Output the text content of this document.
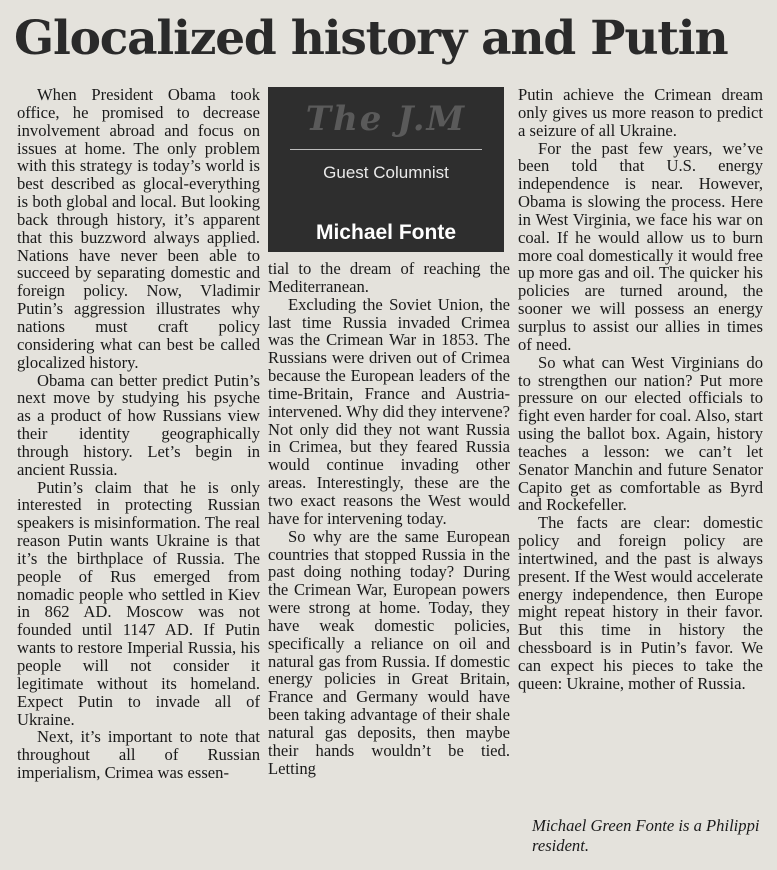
Glocalized history and Putin

When President Obama took office, he promised to decrease involvement abroad and focus on issues at home. The only problem with this strategy is today’s world is best described as glocal-everything is both global and local. But looking back through history, it’s apparent that this buzzword always applied. Nations have never been able to succeed by separating domestic and foreign policy. Now, Vladimir Putin’s aggression illustrates why nations must craft policy considering what can best be called glocalized history.

Obama can better predict Putin’s next move by studying his psyche as a product of how Russians view their identity geographically through history. Let’s begin in ancient Russia.

Putin’s claim that he is only interested in protecting Russian speakers is misinformation. The real reason Putin wants Ukraine is that it’s the birthplace of Russia. The people of Rus emerged from nomadic people who settled in Kiev in 862 AD. Moscow was not founded until 1147 AD. If Putin wants to restore Imperial Russia, his people will not consider it legitimate without its homeland. Expect Putin to invade all of Ukraine.

Next, it’s important to note that throughout all of Russian imperialism, Crimea was essen-

The J.M
Guest Columnist
Michael Fonte

tial to the dream of reaching the Mediterranean.

Excluding the Soviet Union, the last time Russia invaded Crimea was the Crimean War in 1853. The Russians were driven out of Crimea because the European leaders of the time-Britain, France and Austria-intervened. Why did they intervene? Not only did they not want Russia in Crimea, but they feared Russia would continue invading other areas. Interestingly, these are the two exact reasons the West would have for intervening today.

So why are the same European countries that stopped Russia in the past doing nothing today? During the Crimean War, European powers were strong at home. Today, they have weak domestic policies, specifically a reliance on oil and natural gas from Russia. If domestic energy policies in Great Britain, France and Germany would have been taking advantage of their shale natural gas deposits, then maybe their hands wouldn’t be tied. Letting

Putin achieve the Crimean dream only gives us more reason to predict a seizure of all Ukraine.

For the past few years, we’ve been told that U.S. energy independence is near. However, Obama is slowing the process. Here in West Virginia, we face his war on coal. If he would allow us to burn more coal domestically it would free up more gas and oil. The quicker his policies are turned around, the sooner we will possess an energy surplus to assist our allies in times of need.

So what can West Virginians do to strengthen our nation? Put more pressure on our elected officials to fight even harder for coal. Also, start using the ballot box. Again, history teaches a lesson: we can’t let Senator Manchin and future Senator Capito get as comfortable as Byrd and Rockefeller.

The facts are clear: domestic policy and foreign policy are intertwined, and the past is always present. If the West would accelerate energy independence, then Europe might repeat history in their favor. But this time in history the chessboard is in Putin’s favor. We can expect his pieces to take the queen: Ukraine, mother of Russia.

Michael Green Fonte is a Philippi resident.
